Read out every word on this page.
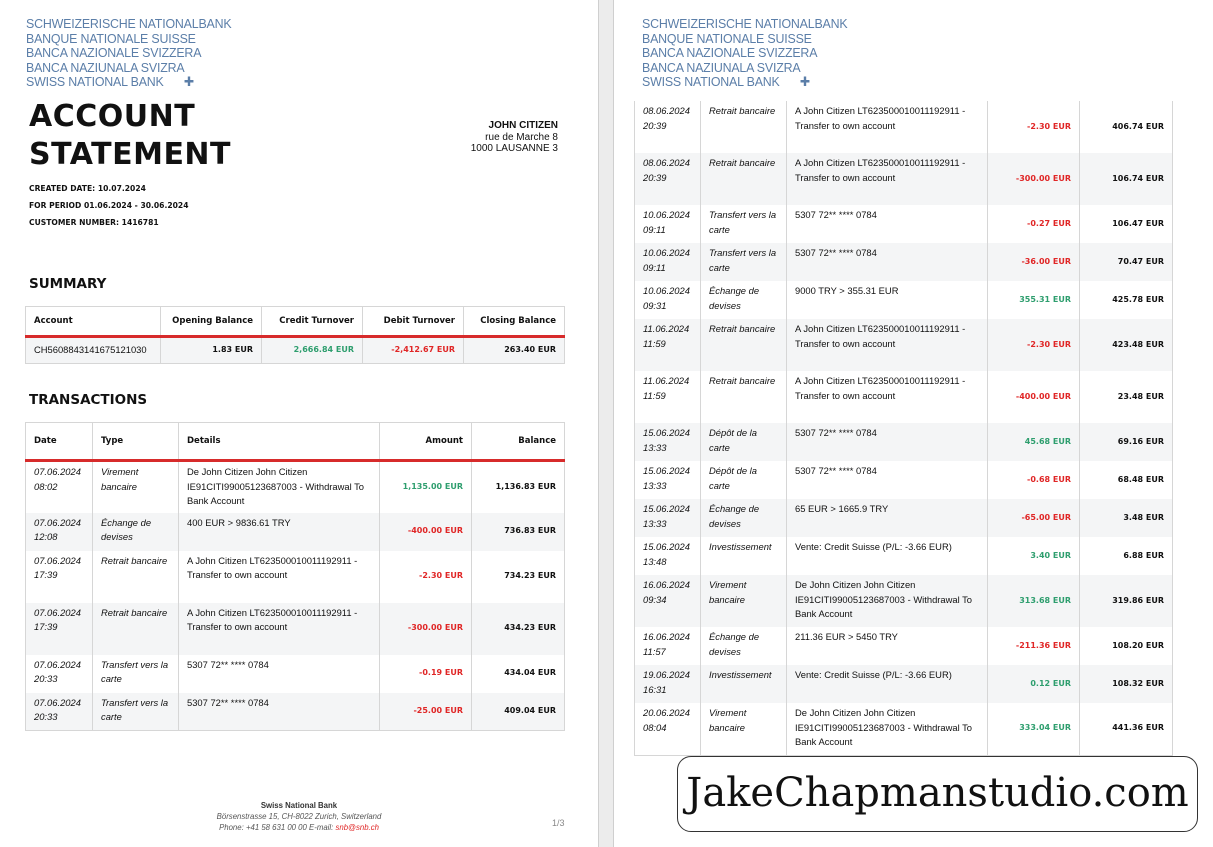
SCHWEIZERISCHE NATIONALBANK
BANQUE NATIONALE SUISSE
BANCA NAZIONALE SVIZZERA
BANCA NAZIUNALA SVIZRA
SWISS NATIONAL BANK	✚
ACCOUNT
STATEMENT
CREATED DATE: 10.07.2024
FOR PERIOD 01.06.2024 - 30.06.2024
CUSTOMER NUMBER: 1416781
JOHN CITIZEN
rue de Marche 8
1000 LAUSANNE 3
SUMMARY
Account	Opening Balance	Credit Turnover	Debit Turnover	Closing Balance
CH5608843141675121030	1.83 EUR	2,666.84 EUR	-2,412.67 EUR	263.40 EUR
TRANSACTIONS
Date	Type	Details	Amount	Balance

07.06.2024
08:02	Virement bancaire	De John Citizen John Citizen IE91CITI99005123687003 - Withdrawal To Bank Account	1,135.00 EUR	1,136.83 EUR

07.06.2024
12:08	Échange de devises	400 EUR > 9836.61 TRY	-400.00 EUR	736.83 EUR

07.06.2024
17:39	Retrait bancaire	A John Citizen LT623500010011192911 - Transfer to own account	-2.30 EUR	734.23 EUR

07.06.2024
17:39	Retrait bancaire	A John Citizen LT623500010011192911 - Transfer to own account	-300.00 EUR	434.23 EUR

07.06.2024
20:33	Transfert vers la carte	5307 72** **** 0784	-0.19 EUR	434.04 EUR

07.06.2024
20:33	Transfert vers la carte	5307 72** **** 0784	-25.00 EUR	409.04 EUR
Swiss National Bank
Börsenstrasse 15, CH-8022 Zurich, Switzerland
Phone: +41 58 631 00 00 E-mail: snb@snb.ch	1/3
SCHWEIZERISCHE NATIONALBANK
BANQUE NATIONALE SUISSE
BANCA NAZIONALE SVIZZERA
BANCA NAZIUNALA SVIZRA
SWISS NATIONAL BANK	✚
08.06.2024
20:39	Retrait bancaire	A John Citizen LT623500010011192911 - Transfer to own account	-2.30 EUR	406.74 EUR

08.06.2024
20:39	Retrait bancaire	A John Citizen LT623500010011192911 - Transfer to own account	-300.00 EUR	106.74 EUR

10.06.2024
09:11	Transfert vers la carte	5307 72** **** 0784	-0.27 EUR	106.47 EUR

10.06.2024
09:11	Transfert vers la carte	5307 72** **** 0784	-36.00 EUR	70.47 EUR

10.06.2024
09:31	Échange de devises	9000 TRY > 355.31 EUR	355.31 EUR	425.78 EUR

11.06.2024
11:59	Retrait bancaire	A John Citizen LT623500010011192911 - Transfer to own account	-2.30 EUR	423.48 EUR

11.06.2024
11:59	Retrait bancaire	A John Citizen LT623500010011192911 - Transfer to own account	-400.00 EUR	23.48 EUR

15.06.2024
13:33	Dépôt de la carte	5307 72** **** 0784	45.68 EUR	69.16 EUR

15.06.2024
13:33	Dépôt de la carte	5307 72** **** 0784	-0.68 EUR	68.48 EUR

15.06.2024
13:33	Échange de devises	65 EUR > 1665.9 TRY	-65.00 EUR	3.48 EUR

15.06.2024
13:48	Investissement	Vente: Credit Suisse (P/L: -3.66 EUR)	3.40 EUR	6.88 EUR

16.06.2024
09:34	Virement bancaire	De John Citizen John Citizen IE91CITI99005123687003 - Withdrawal To Bank Account	313.68 EUR	319.86 EUR

16.06.2024
11:57	Échange de devises	211.36 EUR > 5450 TRY	-211.36 EUR	108.20 EUR

19.06.2024
16:31	Investissement	Vente: Credit Suisse (P/L: -3.66 EUR)	0.12 EUR	108.32 EUR

20.06.2024
08:04	Virement bancaire	De John Citizen John Citizen IE91CITI99005123687003 - Withdrawal To Bank Account	333.04 EUR	441.36 EUR
JakeChapmanstudio.com
